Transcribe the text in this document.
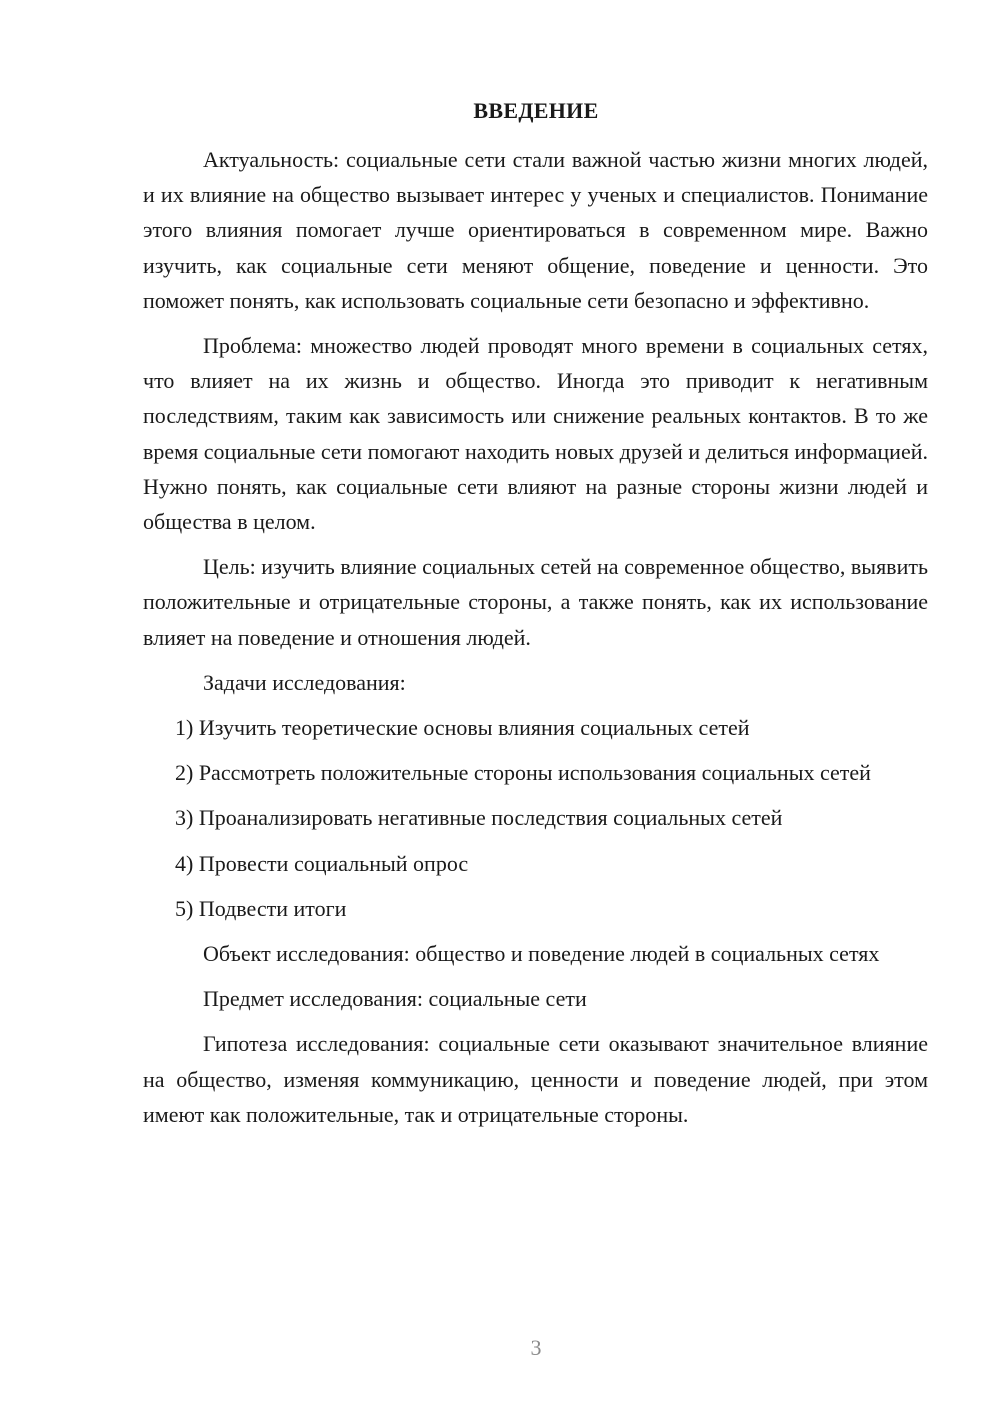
ВВЕДЕНИЕ

Актуальность: социальные сети стали важной частью жизни многих людей, и их влияние на общество вызывает интерес у ученых и специалистов. Понимание этого влияния помогает лучше ориентироваться в современном мире. Важно изучить, как социальные сети меняют общение, поведение и ценности. Это поможет понять, как использовать социальные сети безопасно и эффективно.

Проблема: множество людей проводят много времени в социальных сетях, что влияет на их жизнь и общество. Иногда это приводит к негативным последствиям, таким как зависимость или снижение реальных контактов. В то же время социальные сети помогают находить новых друзей и делиться информацией. Нужно понять, как социальные сети влияют на разные стороны жизни людей и общества в целом.

Цель: изучить влияние социальных сетей на современное общество, выявить положительные и отрицательные стороны, а также понять, как их использование влияет на поведение и отношения людей.

Задачи исследования:

1) Изучить теоретические основы влияния социальных сетей

2) Рассмотреть положительные стороны использования социальных сетей

3) Проанализировать негативные последствия социальных сетей

4) Провести социальный опрос

5) Подвести итоги

Объект исследования: общество и поведение людей в социальных сетях

Предмет исследования: социальные сети

Гипотеза исследования: социальные сети оказывают значительное влияние на общество, изменяя коммуникацию, ценности и поведение людей, при этом имеют как положительные, так и отрицательные стороны.

3
